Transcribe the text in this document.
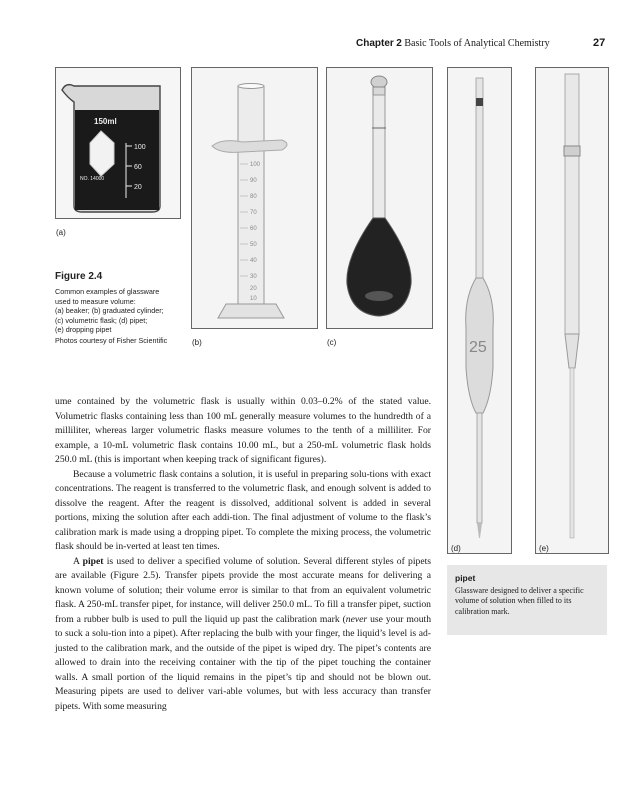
Chapter 2 Basic Tools of Analytical Chemistry	27
150ml
100
60
20
NO. 14000
(a)
100
90
80
70
60
50
40
30
20
10
(b)	(c)	25
(d)	(e)
Figure 2.4
Common examples of glassware
used to measure volume:
(a) beaker; (b) graduated cylinder;
(c) volumetric flask; (d) pipet;
(e) dropping pipet
Photos courtesy of Fisher Scientific

ume contained by the volumetric flask is usually within 0.03–0.2% of the stated value. Volumetric flasks containing less than 100 mL generally measure volumes to the hundredth of a milliliter, whereas larger volumetric flasks measure volumes to the tenth of a milliliter. For example, a 10-mL volumetric flask contains 10.00 mL, but a 250-mL volumetric flask holds 250.0 mL (this is important when keeping track of significant figures).

Because a volumetric flask contains a solution, it is useful in preparing solu-tions with exact concentrations. The reagent is transferred to the volumetric flask, and enough solvent is added to dissolve the reagent. After the reagent is dissolved, additional solvent is added in several portions, mixing the solution after each addi-tion. The final adjustment of volume to the flask’s calibration mark is made using a dropping pipet. To complete the mixing process, the volumetric flask should be in-verted at least ten times.

A pipet is used to deliver a specified volume of solution. Several different styles of pipets are available (Figure 2.5). Transfer pipets provide the most accurate means for delivering a known volume of solution; their volume error is similar to that from an equivalent volumetric flask. A 250-mL transfer pipet, for instance, will deliver 250.0 mL. To fill a transfer pipet, suction from a rubber bulb is used to pull the liquid up past the calibration mark (never use your mouth to suck a solu-tion into a pipet). After replacing the bulb with your finger, the liquid’s level is ad-justed to the calibration mark, and the outside of the pipet is wiped dry. The pipet’s contents are allowed to drain into the receiving container with the tip of the pipet touching the container walls. A small portion of the liquid remains in the pipet’s tip and should not be blown out. Measuring pipets are used to deliver vari-able volumes, but with less accuracy than transfer pipets. With some measuring

pipet
Glassware designed to deliver a specific volume of solution when filled to its calibration mark.
